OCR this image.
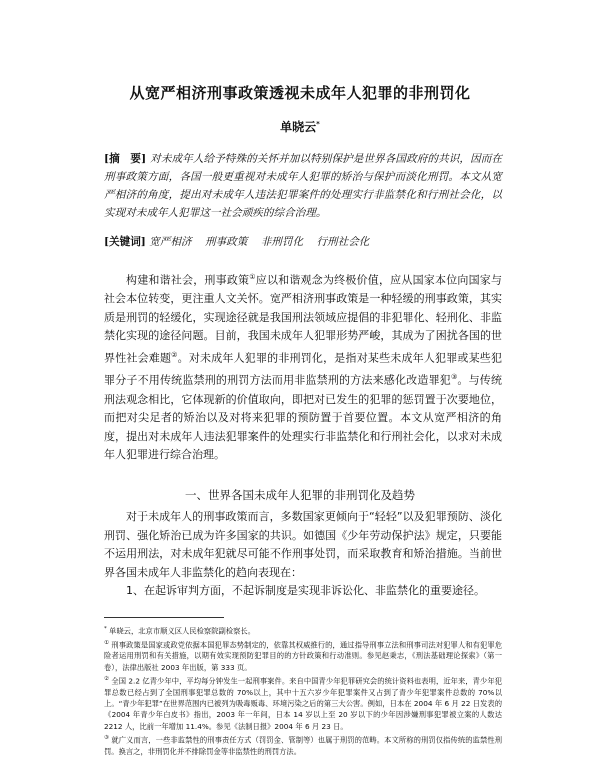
从宽严相济刑事政策透视未成年人犯罪的非刑罚化
单晓云*
[摘　要] 对未成年人给予特殊的关怀并加以特别保护是世界各国政府的共识，因而在刑事政策方面，各国一般更重视对未成年人犯罪的矫治与保护而淡化刑罚。本文从宽严相济的角度，提出对未成年人违法犯罪案件的处理实行非监禁化和行刑社会化，以实现对未成年人犯罪这一社会顽疾的综合治理。
[关键词] 宽严相济 刑事政策 非刑罚化 行刑社会化

构建和谐社会，刑事政策①应以和谐观念为终极价值，应从国家本位向国家与社会本位转变，更注重人文关怀。宽严相济刑事政策是一种轻缓的刑事政策，其实质是刑罚的轻缓化，实现途径就是我国刑法领域应提倡的非犯罪化、轻刑化、非监禁化实现的途径问题。目前，我国未成年人犯罪形势严峻，其成为了困扰各国的世界性社会难题②。对未成年人犯罪的非刑罚化，是指对某些未成年人犯罪或某些犯罪分子不用传统监禁刑的刑罚方法而用非监禁刑的方法来感化改造罪犯③。与传统刑法观念相比，它体现新的价值取向，即把对已发生的犯罪的惩罚置于次要地位，而把对尖足者的矫治以及对将来犯罪的预防置于首要位置。本文从宽严相济的角度，提出对未成年人违法犯罪案件的处理实行非监禁化和行刑社会化，以求对未成年人犯罪进行综合治理。

一、世界各国未成年人犯罪的非刑罚化及趋势

对于未成年人的刑事政策而言，多数国家更倾向于“轻轻”以及犯罪预防、淡化刑罚、强化矫治已成为许多国家的共识。如德国《少年劳动保护法》规定，只要能不运用刑法，对未成年犯就尽可能不作刑事处罚，而采取教育和矫治措施。当前世界各国未成年人非监禁化的趋向表现在：

1、在起诉审判方面，不起诉制度是实现非诉讼化、非监禁化的重要途径。

* 单晓云，北京市顺义区人民检察院副检察长。

① 刑事政策是国家或政党依据本国犯罪态势制定的，依靠其权威推行的，通过指导刑事立法和刑事司法对犯罪人和有犯罪危险者运用刑罚和有关措施，以期有效实现预防犯罪目的的方针政策和行动准则。参见赵秉志，《刑法基础理论探索》（第一卷），法律出版社 2003 年出版，第 333 页。

② 全国 2.2 亿青少年中，平均每分钟发生一起刑事案件。来自中国青少年犯罪研究会的统计资料也表明，近年来，青少年犯罪总数已经占到了全国刑事犯罪总数的 70%以上，其中十五六岁少年犯罪案件又占到了青少年犯罪案件总数的 70%以上。“青少年犯罪”在世界范围内已被列为吸毒贩毒、环境污染之后的第三大公害。例如，日本在 2004 年 6 月 22 日发表的《2004 年青少年白皮书》指出，2003 年一年间，日本 14 岁以上至 20 岁以下的少年因涉嫌刑事犯罪被立案的人数达 2212 人，比前一年增加 11.4%。参见《法制日报》2004 年 6 月 23 日。

③ 就广义而言，一些非监禁性的刑事责任方式（罚罚金、管制等）也属于刑罚的范畴。本文所称的刑罚仅指传统的监禁性刑罚。换言之，非刑罚化并不排除罚金等非监禁性的刑罚方法。
